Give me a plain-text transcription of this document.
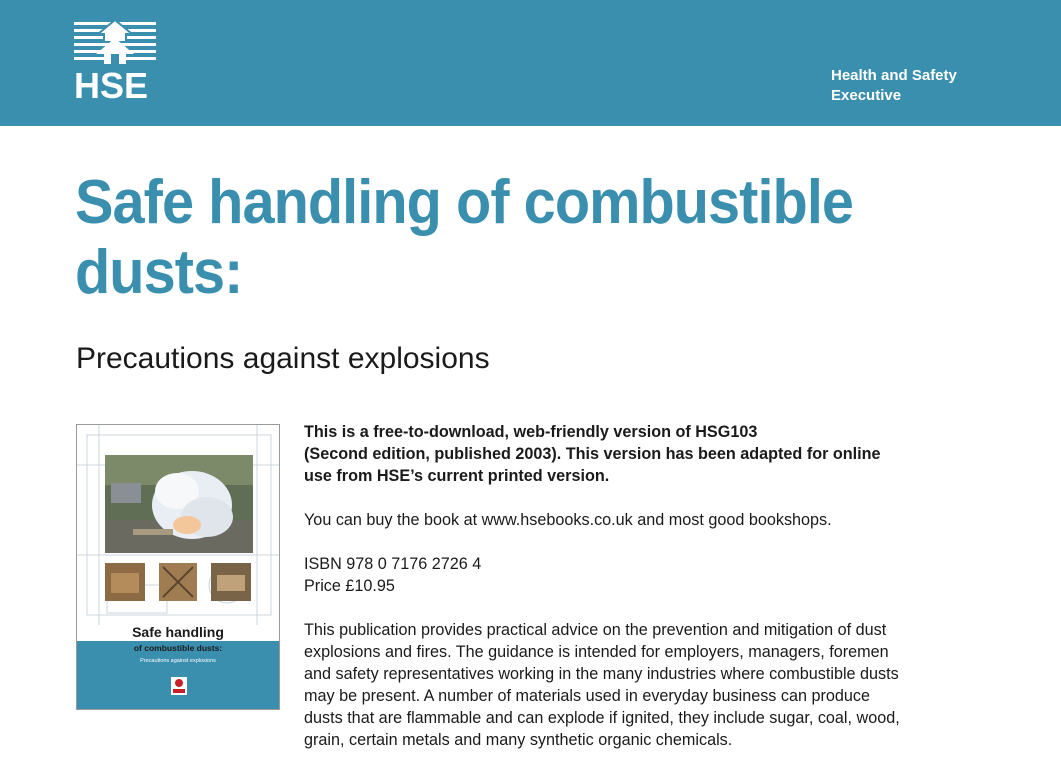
HSE	Health and Safety
Executive
Safe handling of combustible
dusts:
Precautions against explosions
Safe handling
of combustible dusts:
Precautions against explosions

This is a free-to-download, web-friendly version of HSG103
(Second edition, published 2003). This version has been adapted for online
use from HSE’s current printed version.

You can buy the book at www.hsebooks.co.uk and most good bookshops.

ISBN 978 0 7176 2726 4
Price £10.95

This publication provides practical advice on the prevention and mitigation of dust
explosions and fires. The guidance is intended for employers, managers, foremen
and safety representatives working in the many industries where combustible dusts
may be present. A number of materials used in everyday business can produce
dusts that are flammable and can explode if ignited, they include sugar, coal, wood,
grain, certain metals and many synthetic organic chemicals.
